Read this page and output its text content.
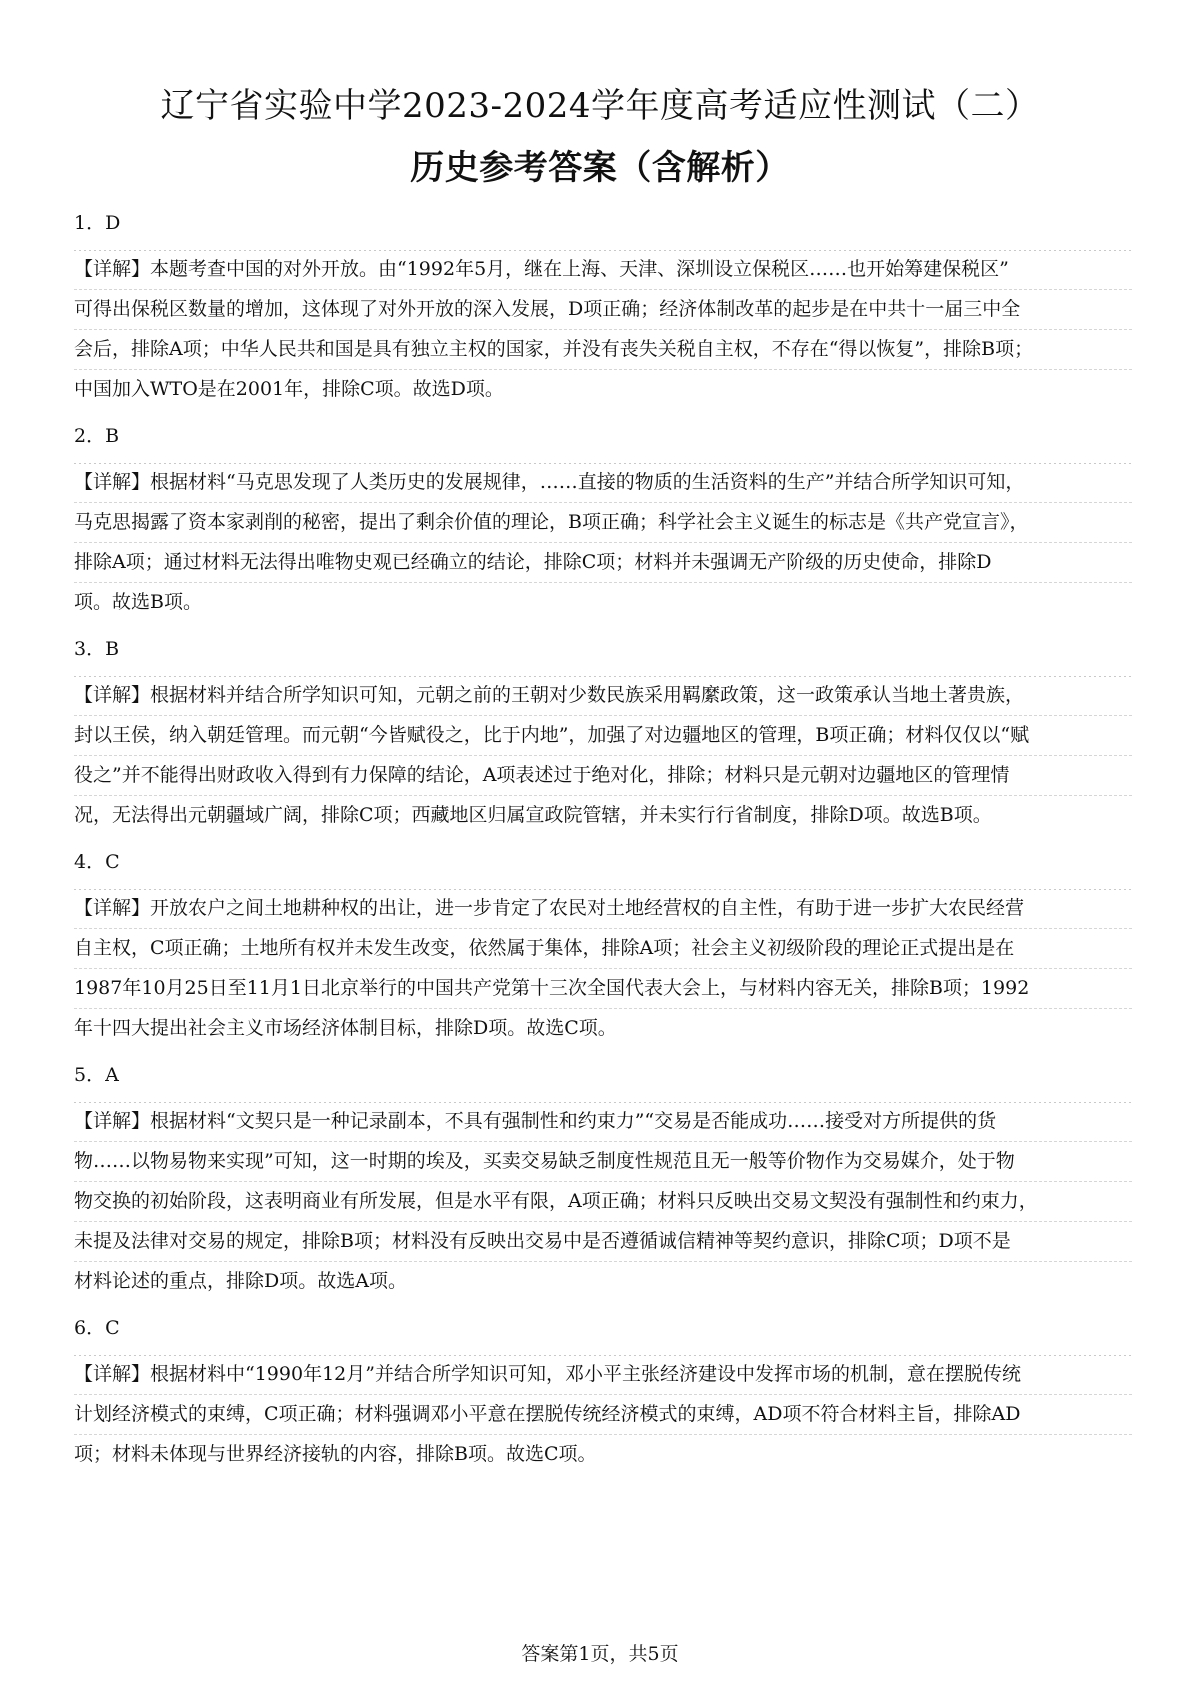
辽宁省实验中学2023-2024学年度高考适应性测试（二）
历史参考答案（含解析）
1．D
【详解】本题考查中国的对外开放。由“1992年5月，继在上海、天津、深圳设立保税区……也开始筹建保税区”
可得出保税区数量的增加，这体现了对外开放的深入发展，D项正确；经济体制改革的起步是在中共十一届三中全
会后，排除A项；中华人民共和国是具有独立主权的国家，并没有丧失关税自主权，不存在“得以恢复”，排除B项；
中国加入WTO是在2001年，排除C项。故选D项。
2．B
【详解】根据材料“马克思发现了人类历史的发展规律，……直接的物质的生活资料的生产”并结合所学知识可知，
马克思揭露了资本家剥削的秘密，提出了剩余价值的理论，B项正确；科学社会主义诞生的标志是《共产党宣言》，
排除A项；通过材料无法得出唯物史观已经确立的结论，排除C项；材料并未强调无产阶级的历史使命，排除D
项。故选B项。
3．B
【详解】根据材料并结合所学知识可知，元朝之前的王朝对少数民族采用羁縻政策，这一政策承认当地土著贵族，
封以王侯，纳入朝廷管理。而元朝“今皆赋役之，比于内地”，加强了对边疆地区的管理，B项正确；材料仅仅以“赋
役之”并不能得出财政收入得到有力保障的结论，A项表述过于绝对化，排除；材料只是元朝对边疆地区的管理情
况，无法得出元朝疆域广阔，排除C项；西藏地区归属宣政院管辖，并未实行行省制度，排除D项。故选B项。
4．C
【详解】开放农户之间土地耕种权的出让，进一步肯定了农民对土地经营权的自主性，有助于进一步扩大农民经营
自主权，C项正确；土地所有权并未发生改变，依然属于集体，排除A项；社会主义初级阶段的理论正式提出是在
1987年10月25日至11月1日北京举行的中国共产党第十三次全国代表大会上，与材料内容无关，排除B项；1992
年十四大提出社会主义市场经济体制目标，排除D项。故选C项。
5．A
【详解】根据材料“文契只是一种记录副本，不具有强制性和约束力”“交易是否能成功……接受对方所提供的货
物……以物易物来实现”可知，这一时期的埃及，买卖交易缺乏制度性规范且无一般等价物作为交易媒介，处于物
物交换的初始阶段，这表明商业有所发展，但是水平有限，A项正确；材料只反映出交易文契没有强制性和约束力，
未提及法律对交易的规定，排除B项；材料没有反映出交易中是否遵循诚信精神等契约意识，排除C项；D项不是
材料论述的重点，排除D项。故选A项。
6．C
【详解】根据材料中“1990年12月”并结合所学知识可知，邓小平主张经济建设中发挥市场的机制，意在摆脱传统
计划经济模式的束缚，C项正确；材料强调邓小平意在摆脱传统经济模式的束缚，AD项不符合材料主旨，排除AD
项；材料未体现与世界经济接轨的内容，排除B项。故选C项。
答案第1页，共5页
